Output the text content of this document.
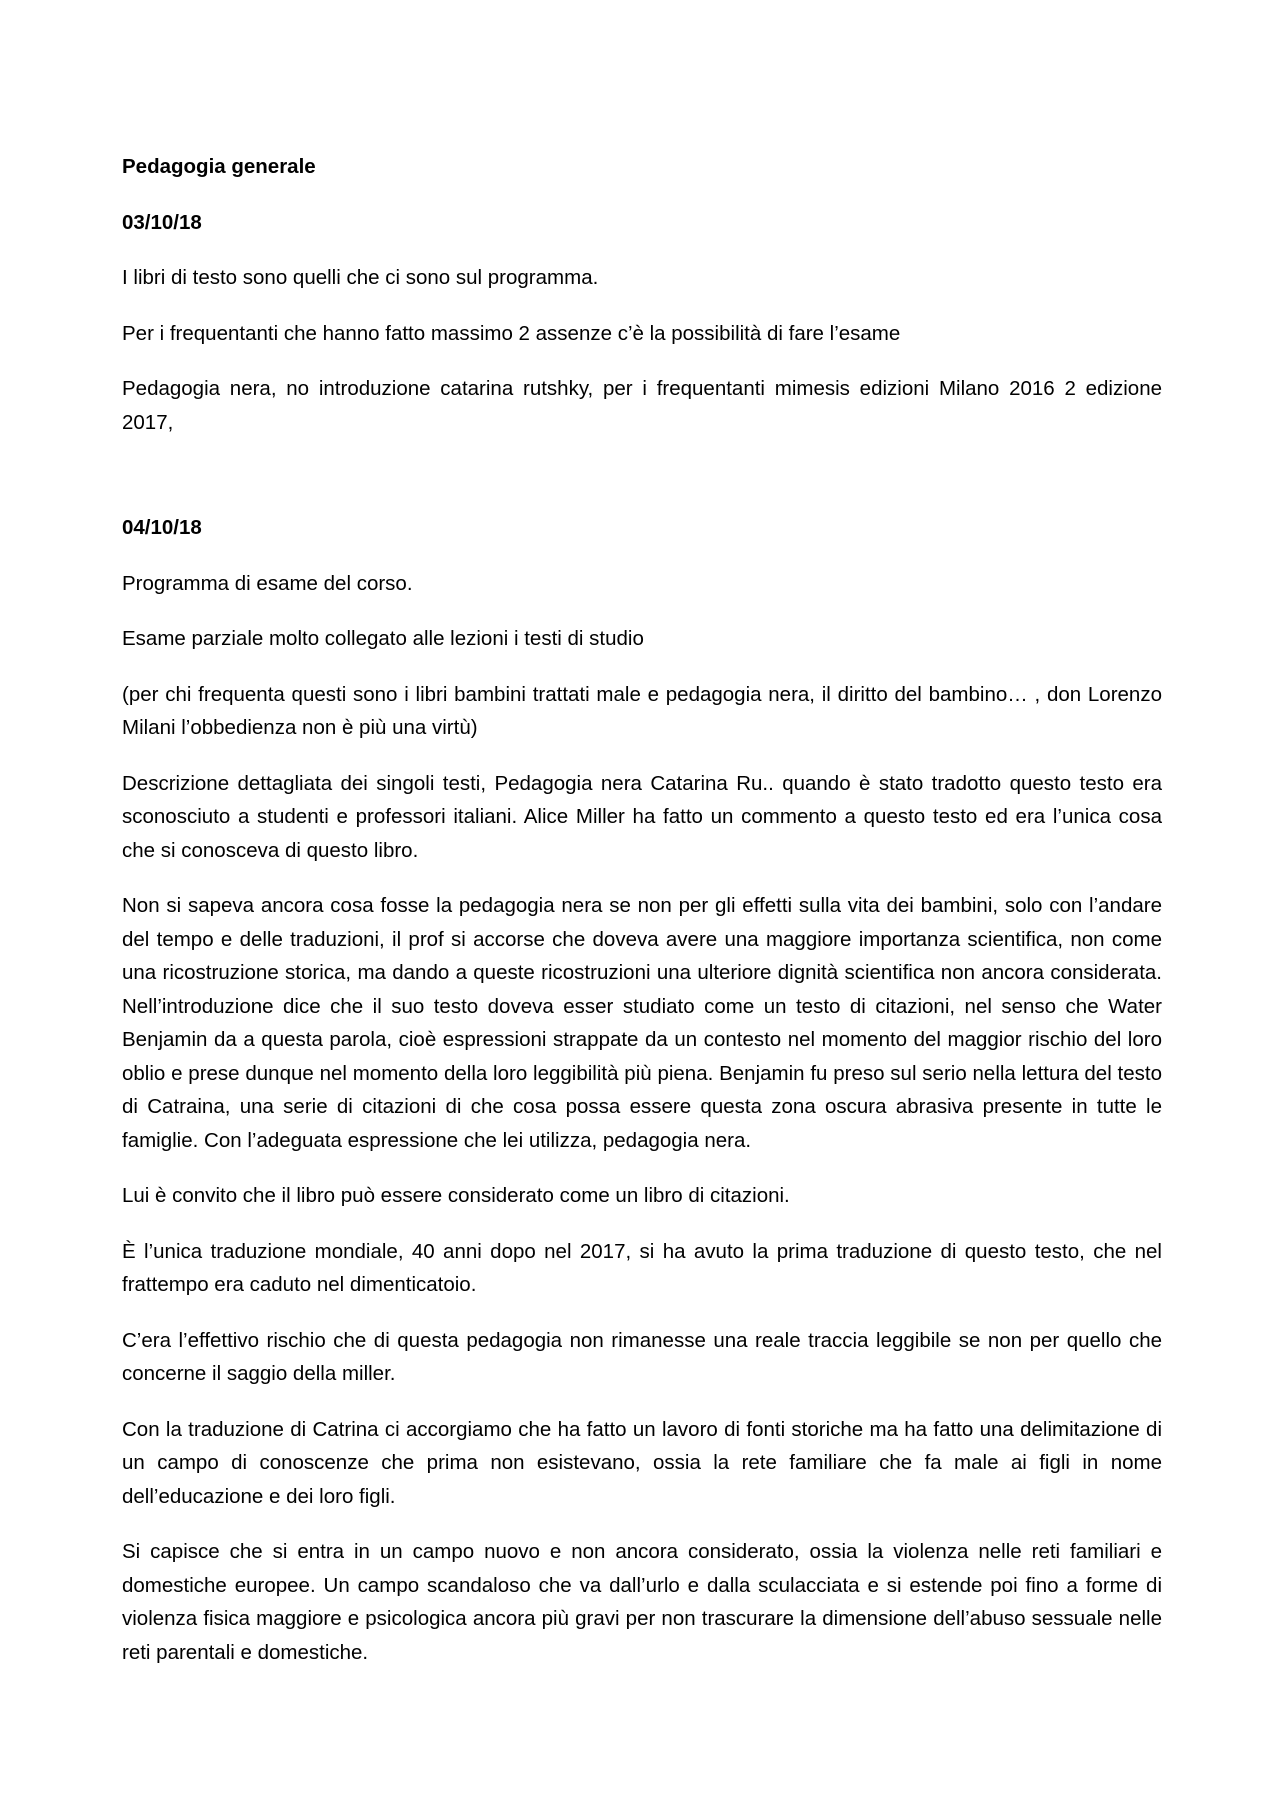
Pedagogia generale

03/10/18

I libri di testo sono quelli che ci sono sul programma.

Per i frequentanti che hanno fatto massimo 2 assenze c’è la possibilità di fare l’esame

Pedagogia nera, no introduzione catarina rutshky, per i frequentanti mimesis edizioni Milano 2016 2 edizione 2017,

04/10/18

Programma di esame del corso.

Esame parziale molto collegato alle lezioni i testi di studio

(per chi frequenta questi sono i libri bambini trattati male e pedagogia nera, il diritto del bambino… , don Lorenzo Milani l’obbedienza non è più una virtù)

Descrizione dettagliata dei singoli testi, Pedagogia nera Catarina Ru.. quando è stato tradotto questo testo era sconosciuto a studenti e professori italiani. Alice Miller ha fatto un commento a questo testo ed era l’unica cosa che si conosceva di questo libro.

Non si sapeva ancora cosa fosse la pedagogia nera se non per gli effetti sulla vita dei bambini, solo con l’andare del tempo e delle traduzioni, il prof si accorse che doveva avere una maggiore importanza scientifica, non come una ricostruzione storica, ma dando a queste ricostruzioni una ulteriore dignità scientifica non ancora considerata. Nell’introduzione dice che il suo testo doveva esser studiato come un testo di citazioni, nel senso che Water Benjamin da a questa parola, cioè espressioni strappate da un contesto nel momento del maggior rischio del loro oblio e prese dunque nel momento della loro leggibilità più piena. Benjamin fu preso sul serio nella lettura del testo di Catraina, una serie di citazioni di che cosa possa essere questa zona oscura abrasiva presente in tutte le famiglie. Con l’adeguata espressione che lei utilizza, pedagogia nera.

Lui è convito che il libro può essere considerato come un libro di citazioni.

È l’unica traduzione mondiale, 40 anni dopo nel 2017, si ha avuto la prima traduzione di questo testo, che nel frattempo era caduto nel dimenticatoio.

C’era l’effettivo rischio che di questa pedagogia non rimanesse una reale traccia leggibile se non per quello che concerne il saggio della miller.

Con la traduzione di Catrina ci accorgiamo che ha fatto un lavoro di fonti storiche ma ha fatto una delimitazione di un campo di conoscenze che prima non esistevano, ossia la rete familiare che fa male ai figli in nome dell’educazione e dei loro figli.

Si capisce che si entra in un campo nuovo e non ancora considerato, ossia la violenza nelle reti familiari e domestiche europee. Un campo scandaloso che va dall’urlo e dalla sculacciata e si estende poi fino a forme di violenza fisica maggiore e psicologica ancora più gravi per non trascurare la dimensione dell’abuso sessuale nelle reti parentali e domestiche.
